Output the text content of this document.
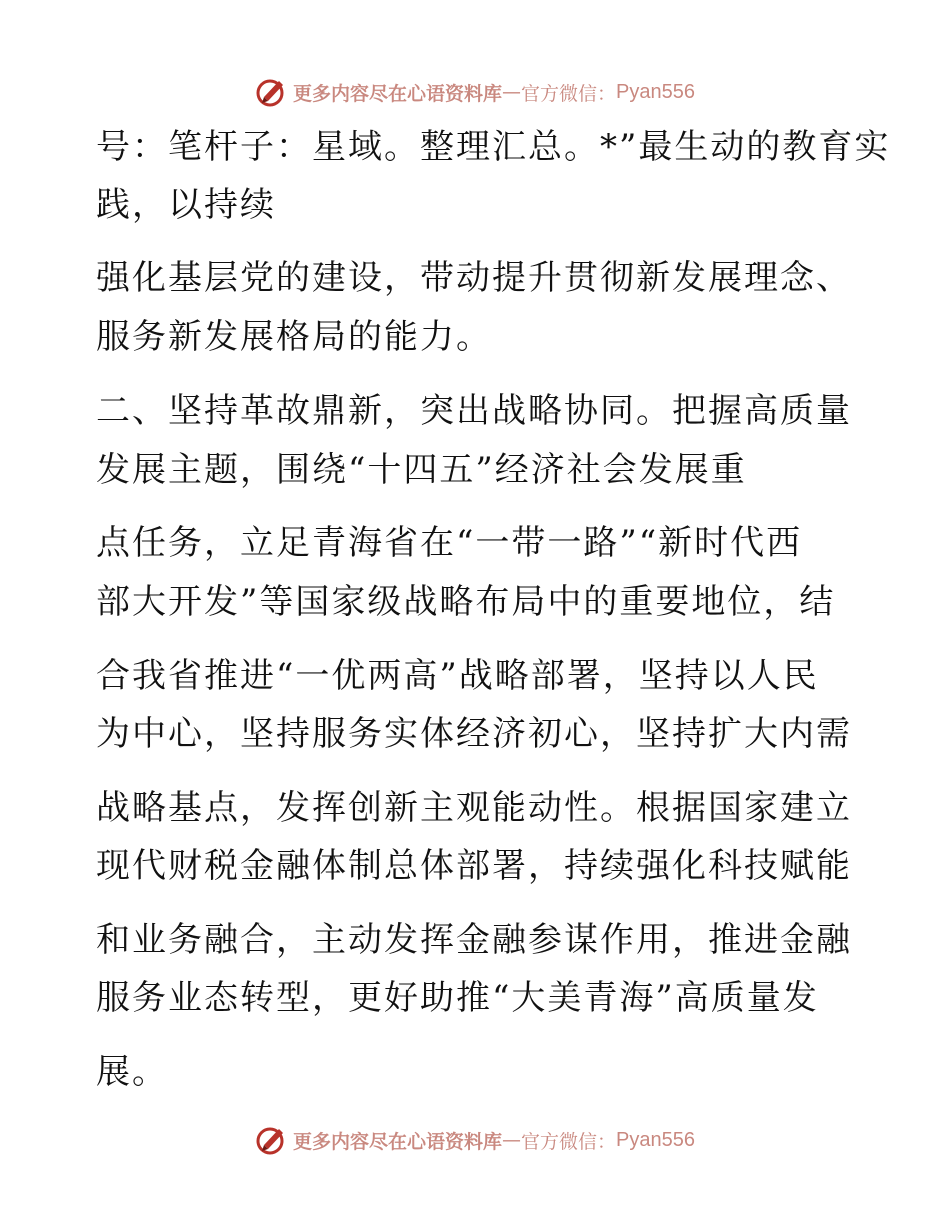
更多内容尽在心语资料库 — 官方微信： Pyan556
号：笔杆子：星域。整理汇总。*”最生动的教育实
践，以持续
强化基层党的建设，带动提升贯彻新发展理念、
服务新发展格局的能力。
二、坚持革故鼎新，突出战略协同。把握高质量
发展主题，围绕“十四五”经济社会发展重
点任务，立足青海省在“一带一路”“新时代西
部大开发”等国家级战略布局中的重要地位，结
合我省推进“一优两高”战略部署，坚持以人民
为中心，坚持服务实体经济初心，坚持扩大内需
战略基点，发挥创新主观能动性。根据国家建立
现代财税金融体制总体部署，持续强化科技赋能
和业务融合，主动发挥金融参谋作用，推进金融
服务业态转型，更好助推“大美青海”高质量发
展。
更多内容尽在心语资料库 — 官方微信： Pyan556
